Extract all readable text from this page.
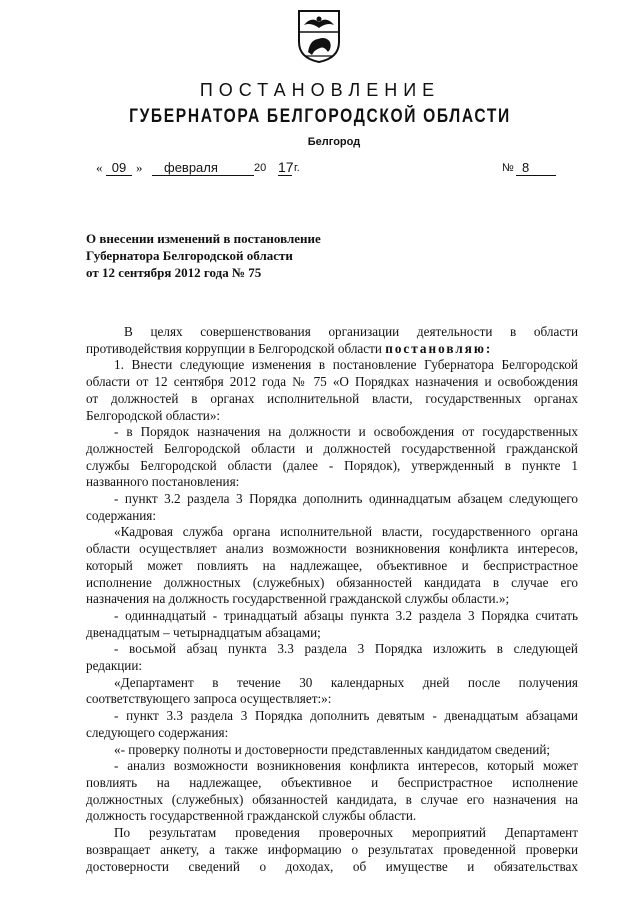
ПОСТАНОВЛЕНИЕ
ГУБЕРНАТОРА БЕЛГОРОДСКОЙ ОБЛАСТИ
Белгород
« 09 »	февраля	20 17 г.	№ 8
О внесении изменений в постановление
Губернатора Белгородской области
от 12 сентября 2012 года № 75

В целях совершенствования организации деятельности в области

противодействия коррупции в Белгородской области постановляю:

1. Внести следующие изменения в постановление Губернатора Белгородской

области от 12 сентября 2012 года № 75 «О Порядках назначения и освобождения

от должностей в органах исполнительной власти, государственных органах

Белгородской области»:

- в Порядок назначения на должности и освобождения от государственных

должностей Белгородской области и должностей государственной гражданской

службы Белгородской области (далее - Порядок), утвержденный в пункте 1

названного постановления:

- пункт 3.2 раздела 3 Порядка дополнить одиннадцатым абзацем следующего

содержания:

«Кадровая служба органа исполнительной власти, государственного органа

области осуществляет анализ возможности возникновения конфликта интересов,

который может повлиять на надлежащее, объективное и беспристрастное

исполнение должностных (служебных) обязанностей кандидата в случае его

назначения на должность государственной гражданской службы области.»;

- одиннадцатый - тринадцатый абзацы пункта 3.2 раздела 3 Порядка считать

двенадцатым – четырнадцатым абзацами;

- восьмой абзац пункта 3.3 раздела 3 Порядка изложить в следующей

редакции:

«Департамент в течение 30 календарных дней после получения

соответствующего запроса осуществляет:»:

- пункт 3.3 раздела 3 Порядка дополнить девятым - двенадцатым абзацами

следующего содержания:

«- проверку полноты и достоверности представленных кандидатом сведений;

- анализ возможности возникновения конфликта интересов, который может

повлиять на надлежащее, объективное и беспристрастное исполнение

должностных (служебных) обязанностей кандидата, в случае его назначения на

должность государственной гражданской службы области.

По результатам проведения проверочных мероприятий Департамент

возвращает анкету, а также информацию о результатах проведенной проверки

достоверности сведений о доходах, об имуществе и обязательствах
